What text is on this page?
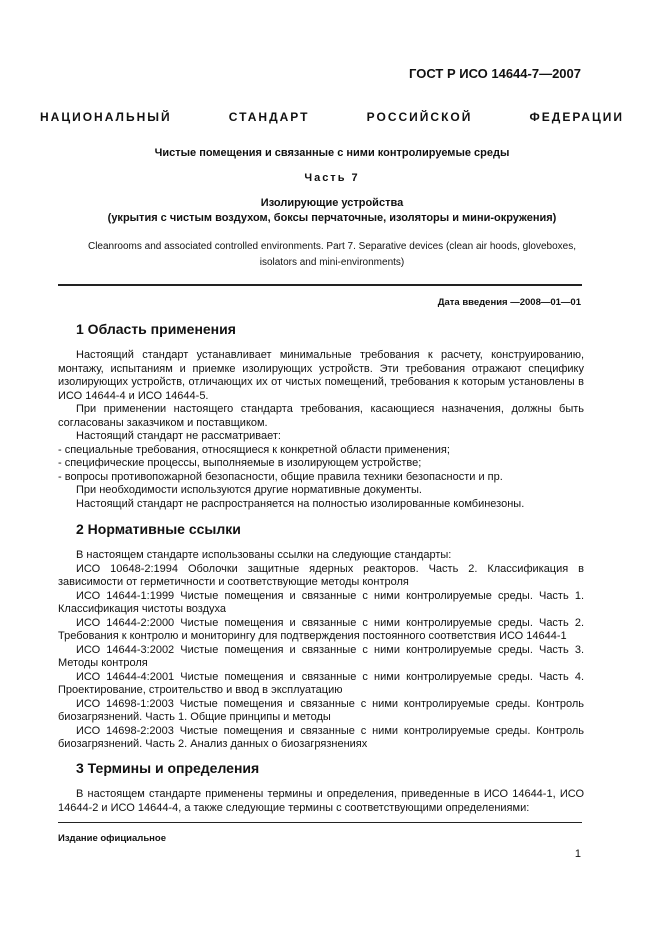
ГОСТ Р ИСО 14644-7—2007
НАЦИОНАЛЬНЫЙ СТАНДАРТ РОССИЙСКОЙ ФЕДЕРАЦИИ
Чистые помещения и связанные с ними контролируемые среды
Часть 7
Изолирующие устройства
(укрытия с чистым воздухом, боксы перчаточные, изоляторы и мини-окружения)
Cleanrooms and associated controlled environments. Part 7. Separative devices (clean air hoods, gloveboxes,
isolators and mini-environments)
Дата введения —2008—01—01
1 Область применения

Настоящий стандарт устанавливает минимальные требования к расчету, конструированию, монтажу, испытаниям и приемке изолирующих устройств. Эти требования отражают специфику изолирующих устройств, отличающих их от чистых помещений, требования к которым установлены в ИСО 14644-4 и ИСО 14644-5.

При применении настоящего стандарта требования, касающиеся назначения, должны быть согласованы заказчиком и поставщиком.

Настоящий стандарт не рассматривает:

- специальные требования, относящиеся к конкретной области применения;

- специфические процессы, выполняемые в изолирующем устройстве;

- вопросы противопожарной безопасности, общие правила техники безопасности и пр.

При необходимости используются другие нормативные документы.

Настоящий стандарт не распространяется на полностью изолированные комбинезоны.

2 Нормативные ссылки

В настоящем стандарте использованы ссылки на следующие стандарты:

ИСО 10648-2:1994 Оболочки защитные ядерных реакторов. Часть 2. Классификация в зависимости от герметичности и соответствующие методы контроля

ИСО 14644-1:1999 Чистые помещения и связанные с ними контролируемые среды. Часть 1. Классификация чистоты воздуха

ИСО 14644-2:2000 Чистые помещения и связанные с ними контролируемые среды. Часть 2. Требования к контролю и мониторингу для подтверждения постоянного соответствия ИСО 14644-1

ИСО 14644-3:2002 Чистые помещения и связанные с ними контролируемые среды. Часть 3. Методы контроля

ИСО 14644-4:2001 Чистые помещения и связанные с ними контролируемые среды. Часть 4. Проектирование, строительство и ввод в эксплуатацию

ИСО 14698-1:2003 Чистые помещения и связанные с ними контролируемые среды. Контроль биозагрязнений. Часть 1. Общие принципы и методы

ИСО 14698-2:2003 Чистые помещения и связанные с ними контролируемые среды. Контроль биозагрязнений. Часть 2. Анализ данных о биозагрязнениях

3 Термины и определения

В настоящем стандарте применены термины и определения, приведенные в ИСО 14644-1, ИСО 14644-2 и ИСО 14644-4, а также следующие термины с соответствующими определениями:

Издание официальное
1
